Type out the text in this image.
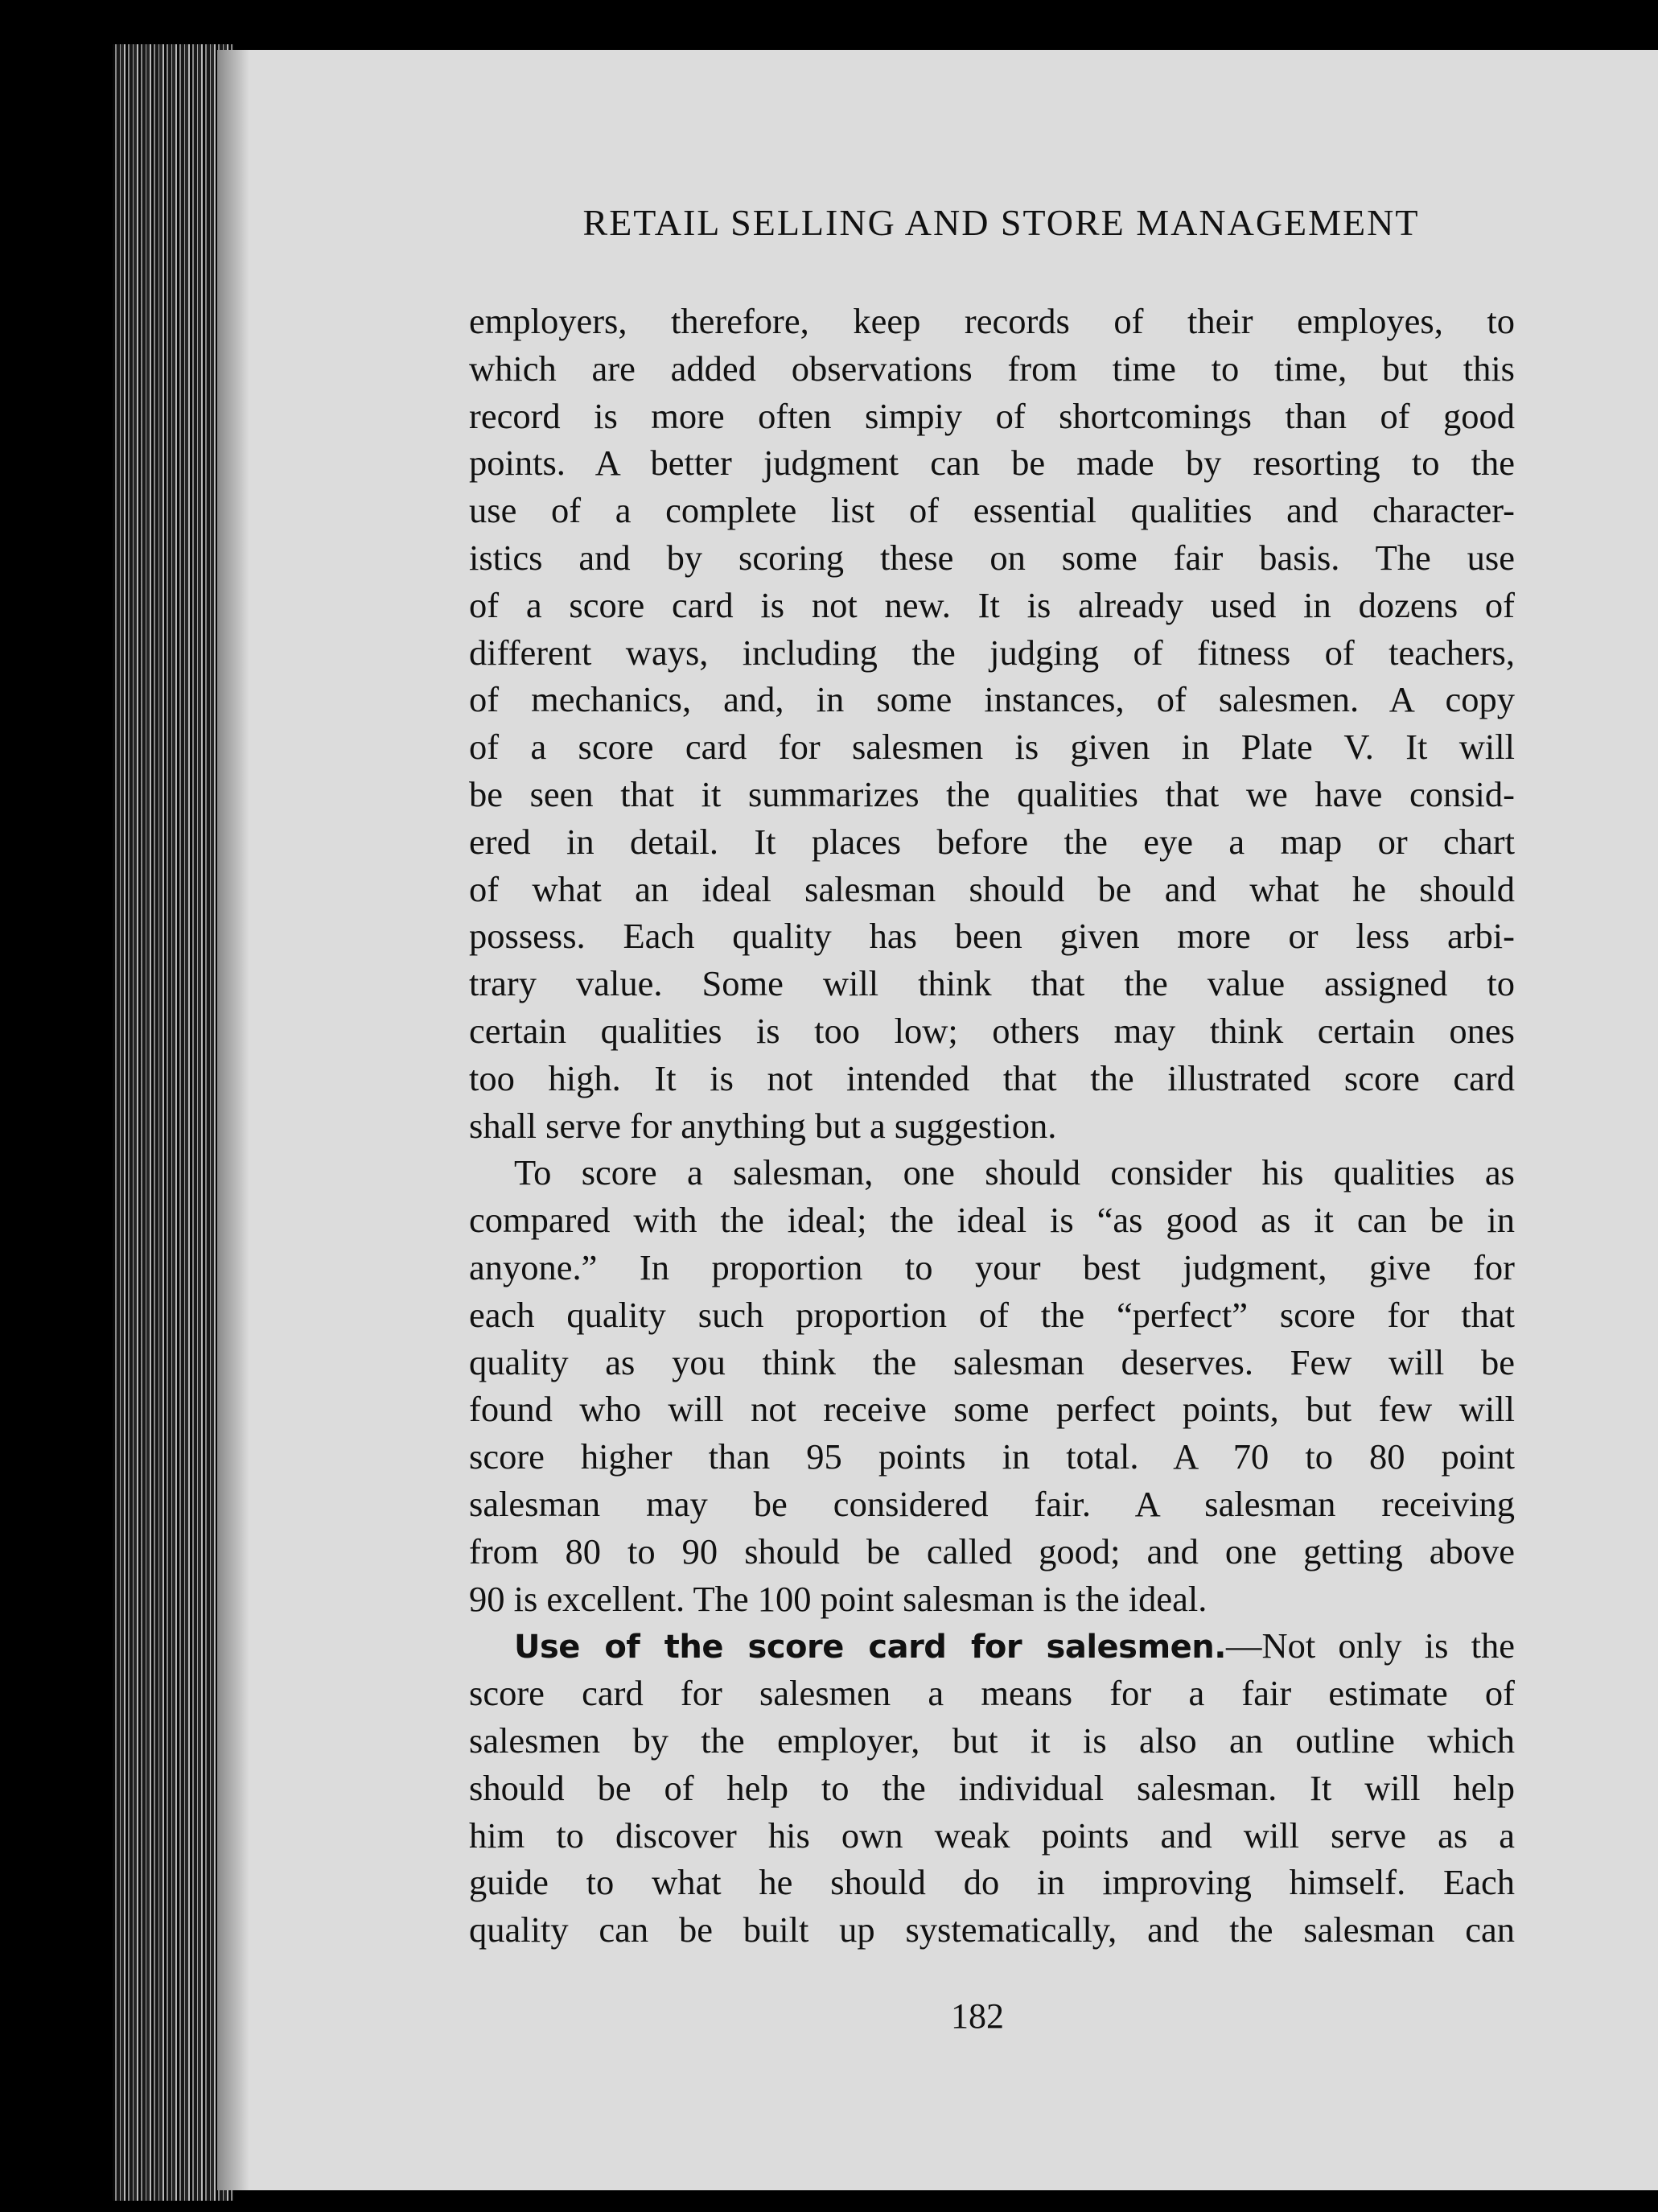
RETAIL SELLING AND STORE MANAGEMENT
employers, therefore, keep records of their employes, to
which are added observations from time to time, but this
record is more often simpiy of shortcomings than of good
points. A better judgment can be made by resorting to the
use of a complete list of essential qualities and character-
istics and by scoring these on some fair basis. The use
of a score card is not new. It is already used in dozens of
different ways, including the judging of fitness of teachers,
of mechanics, and, in some instances, of salesmen. A copy
of a score card for salesmen is given in Plate V. It will
be seen that it summarizes the qualities that we have consid-
ered in detail. It places before the eye a map or chart
of what an ideal salesman should be and what he should
possess. Each quality has been given more or less arbi-
trary value. Some will think that the value assigned to
certain qualities is too low; others may think certain ones
too high. It is not intended that the illustrated score card
shall serve for anything but a suggestion.
To score a salesman, one should consider his qualities as
compared with the ideal; the ideal is “as good as it can be in
anyone.” In proportion to your best judgment, give for
each quality such proportion of the “perfect” score for that
quality as you think the salesman deserves. Few will be
found who will not receive some perfect points, but few will
score higher than 95 points in total. A 70 to 80 point
salesman may be considered fair. A salesman receiving
from 80 to 90 should be called good; and one getting above
90 is excellent. The 100 point salesman is the ideal.
Use of the score card for salesmen.—Not only is the
score card for salesmen a means for a fair estimate of
salesmen by the employer, but it is also an outline which
should be of help to the individual salesman. It will help
him to discover his own weak points and will serve as a
guide to what he should do in improving himself. Each
quality can be built up systematically, and the salesman can
182
